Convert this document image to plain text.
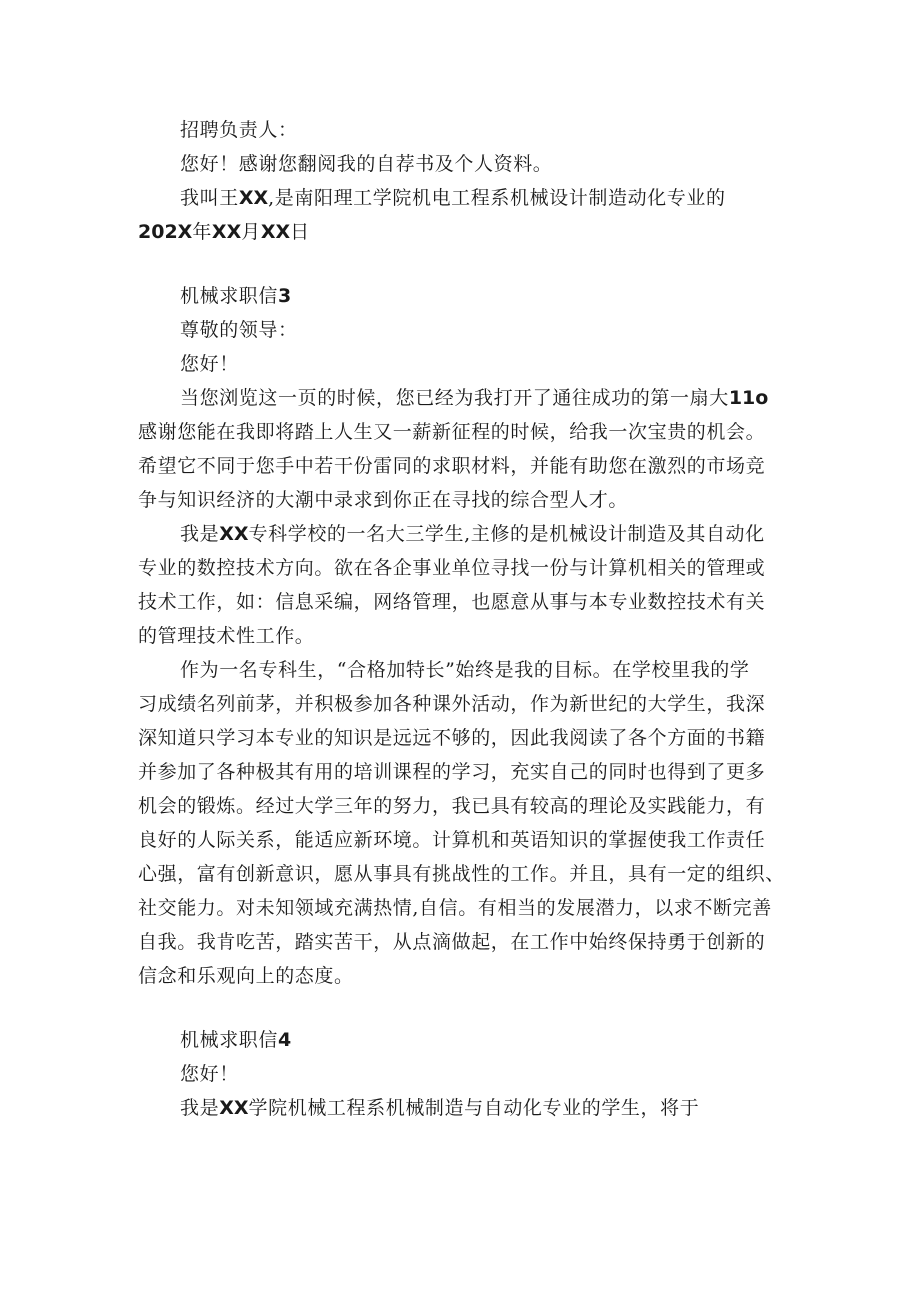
招聘负责人：
您好！感谢您翻阅我的自荐书及个人资料。
我叫王XX,是南阳理工学院机电工程系机械设计制造动化专业的
202X年XX月XX日
机械求职信3
尊敬的领导：
您好！
当您浏览这一页的时候，您已经为我打开了通往成功的第一扇大11o
感谢您能在我即将踏上人生又一薪新征程的时候，给我一次宝贵的机会。
希望它不同于您手中若干份雷同的求职材料，并能有助您在激烈的市场竞
争与知识经济的大潮中录求到你正在寻找的综合型人才。
我是XX专科学校的一名大三学生,主修的是机械设计制造及其自动化
专业的数控技术方向。欲在各企事业单位寻找一份与计算机相关的管理或
技术工作，如：信息采编，网络管理，也愿意从事与本专业数控技术有关
的管理技术性工作。
作为一名专科生，“合格加特长”始终是我的目标。在学校里我的学
习成绩名列前茅，并积极参加各种课外活动，作为新世纪的大学生，我深
深知道只学习本专业的知识是远远不够的，因此我阅读了各个方面的书籍
并参加了各种极其有用的培训课程的学习，充实自己的同时也得到了更多
机会的锻炼。经过大学三年的努力，我已具有较高的理论及实践能力，有
良好的人际关系，能适应新环境。计算机和英语知识的掌握使我工作责任
心强，富有创新意识，愿从事具有挑战性的工作。并且，具有一定的组织、
社交能力。对未知领域充满热情,自信。有相当的发展潜力，以求不断完善
自我。我肯吃苦，踏实苦干，从点滴做起，在工作中始终保持勇于创新的
信念和乐观向上的态度。
机械求职信4
您好！
我是XX学院机械工程系机械制造与自动化专业的学生，将于
